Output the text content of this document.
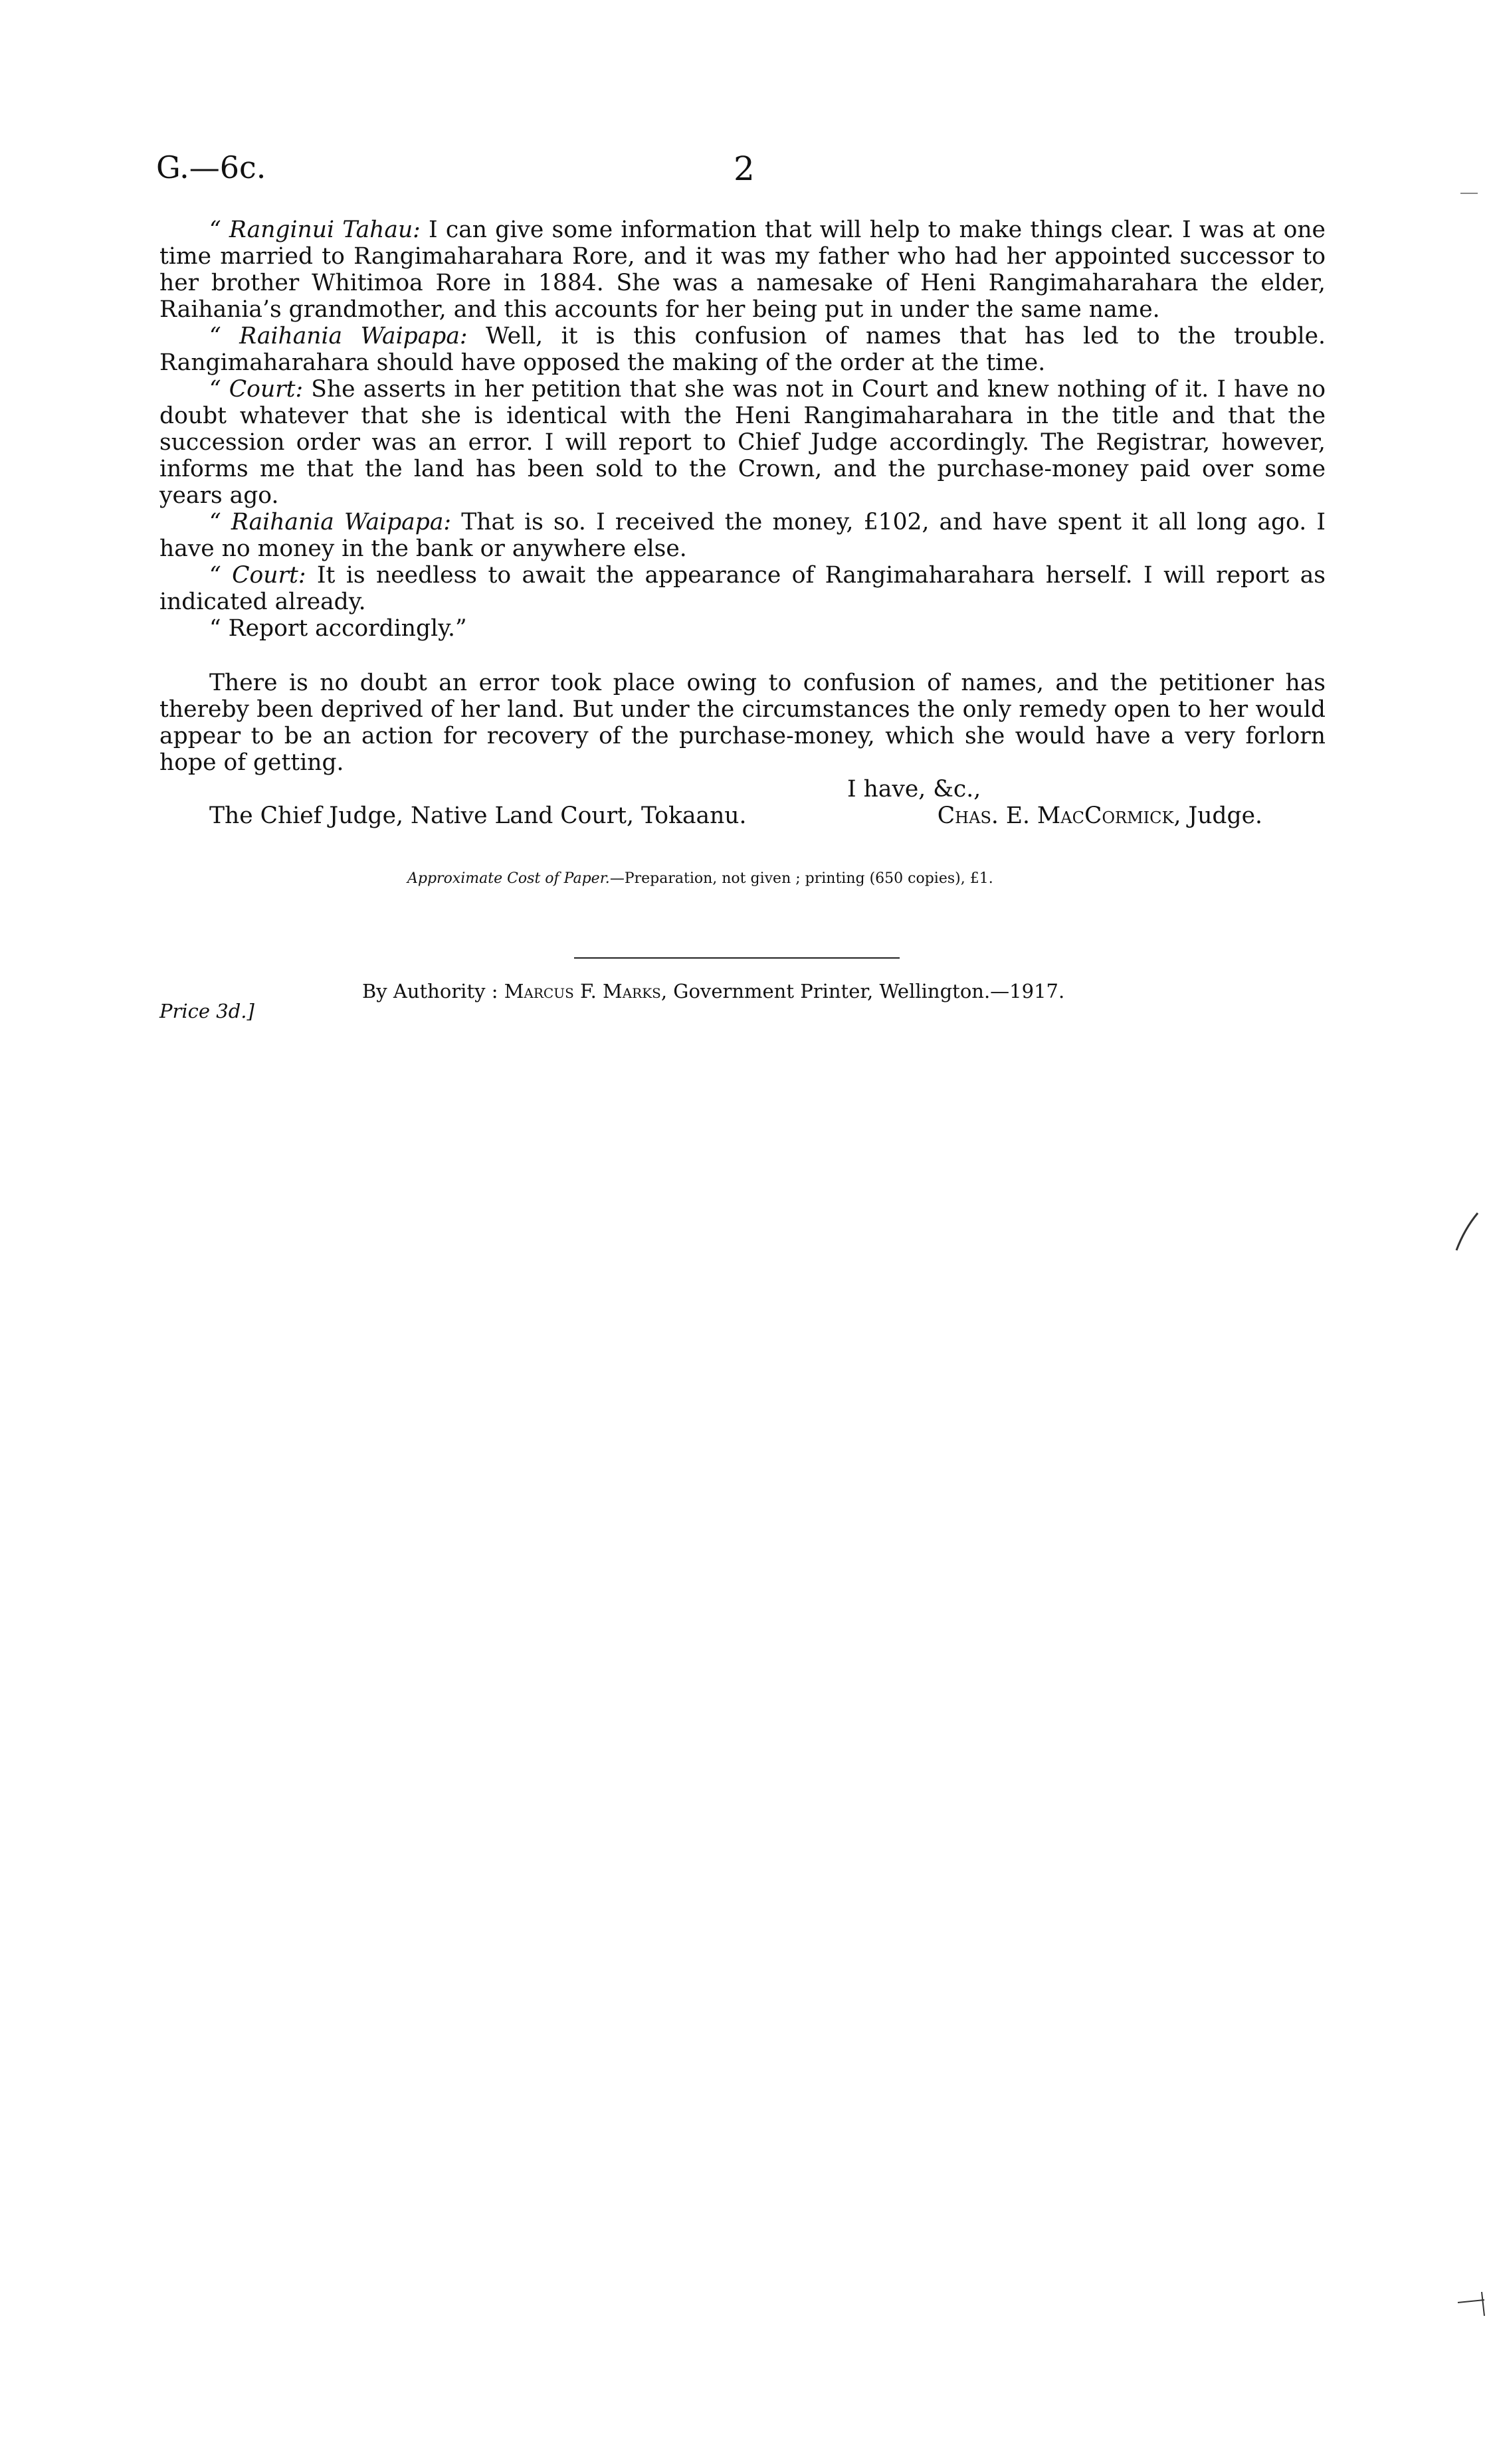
G.—6c.	2

“ Ranginui Tahau: I can give some information that will help to make things clear. I was at one time married to Rangimaharahara Rore, and it was my father who had her appointed successor to her brother Whitimoa Rore in 1884. She was a namesake of Heni Rangimaharahara the elder, Raihania’s grandmother, and this accounts for her being put in under the same name.

“ Raihania Waipapa: Well, it is this confusion of names that has led to the trouble. Rangimaharahara should have opposed the making of the order at the time.

“ Court: She asserts in her petition that she was not in Court and knew nothing of it. I have no doubt whatever that she is identical with the Heni Rangimaharahara in the title and that the succession order was an error. I will report to Chief Judge accordingly. The Registrar, however, informs me that the land has been sold to the Crown, and the purchase-money paid over some years ago.

“ Raihania Waipapa: That is so. I received the money, £102, and have spent it all long ago. I have no money in the bank or anywhere else.

“ Court: It is needless to await the appearance of Rangimaharahara herself. I will report as indicated already.

“ Report accordingly.”

There is no doubt an error took place owing to confusion of names, and the petitioner has thereby been deprived of her land. But under the circumstances the only remedy open to her would appear to be an action for recovery of the purchase-money, which she would have a very forlorn hope of getting.

I have, &c.,
The Chief Judge, Native Land Court, Tokaanu.	Chas. E. MacCormick, Judge.
Approximate Cost of Paper.—Preparation, not given ; printing (650 copies), £1.
By Authority : Marcus F. Marks, Government Printer, Wellington.—1917.
Price 3d.]
